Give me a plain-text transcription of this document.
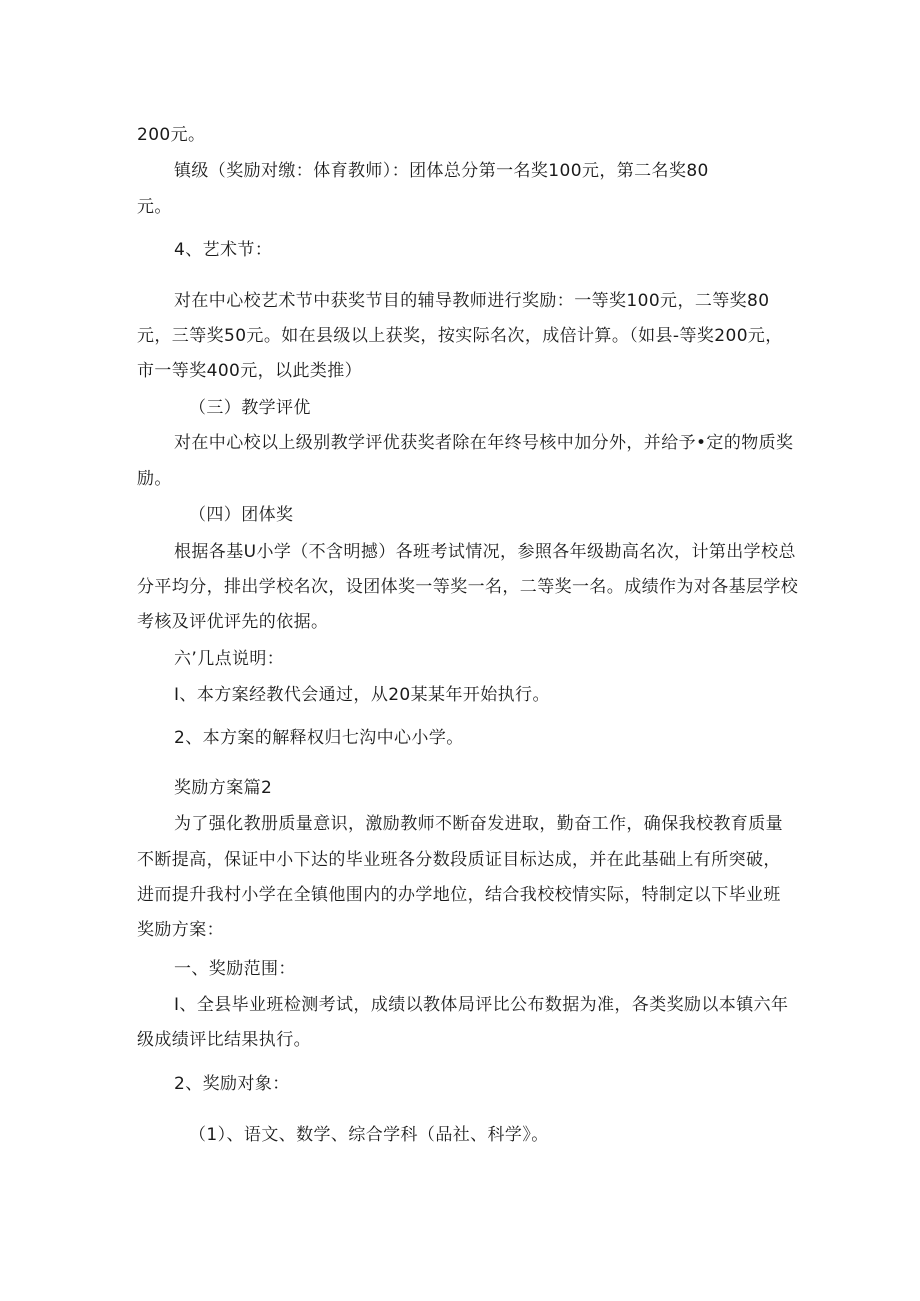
200元。
镇级（奖励对缴：体育教师）：团体总分第一名奖100元，第二名奖80
元。
4、艺术节：
对在中心校艺术节中获奖节目的辅导教师进行奖励：一等奖100元，二等奖80
元，三等奖50元。如在县级以上获奖，按实际名次，成倍计算。（如县-等奖200元，
市一等奖400元，以此类推）
（三）教学评优
对在中心校以上级别教学评优获奖者除在年终号核中加分外，并给予•定的物质奖
励。
（四）团体奖
根据各基U小学（不含明撼）各班考试情况，参照各年级勘高名次，计第出学校总
分平均分，排出学校名次，设团体奖一等奖一名，二等奖一名。成绩作为对各基层学校
考核及评优评先的依据。
六’几点说明：
I、本方案经教代会通过，从20某某年开始执行。
2、本方案的解释权归七沟中心小学。
奖励方案篇2
为了强化教册质量意识，激励教师不断奋发进取，勤奋工作，确保我校教育质量
不断提高，保证中小下达的毕业班各分数段质证目标达成，并在此基础上有所突破，
进而提升我村小学在全镇他围内的办学地位，结合我校校情实际，特制定以下毕业班
奖励方案：
一、奖励范围：
I、全县毕业班检测考试，成绩以教体局评比公布数据为准，各类奖励以本镇六年
级成绩评比结果执行。
2、奖励对象：
（1）、语文、数学、综合学科（品社、科学》。
